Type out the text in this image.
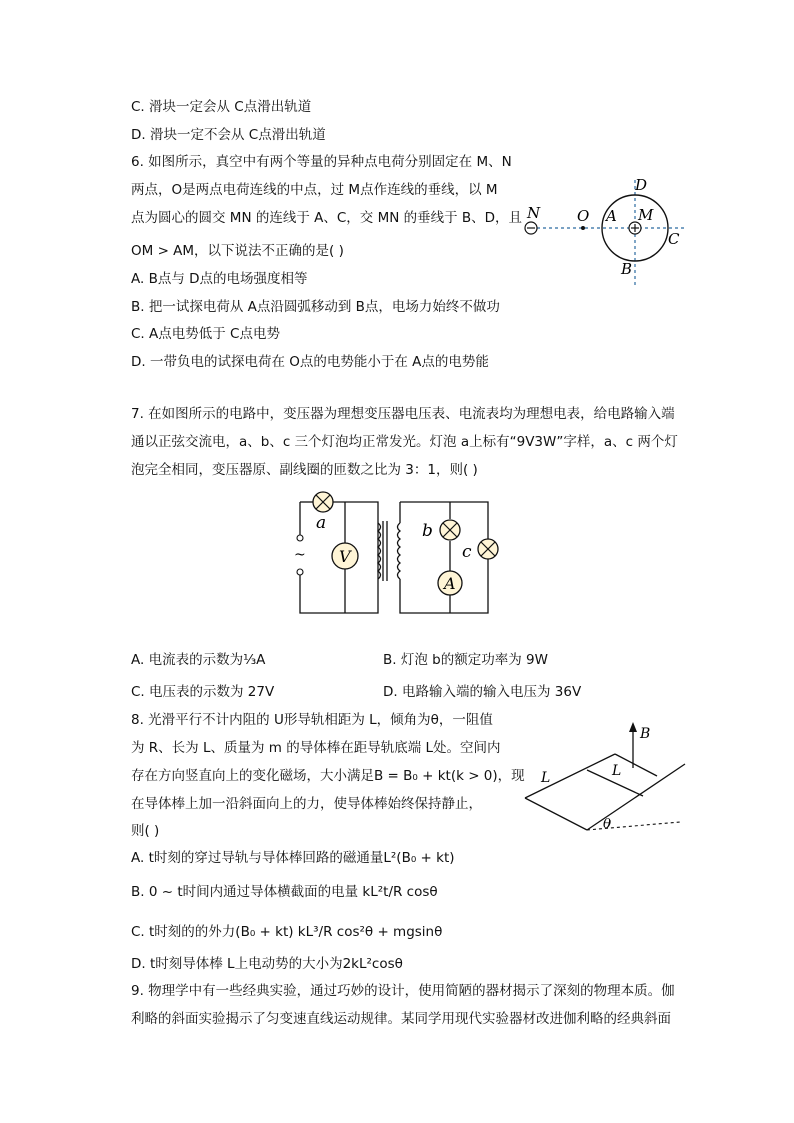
C. 滑块一定会从 C点滑出轨道
D. 滑块一定不会从 C点滑出轨道
6. 如图所示，真空中有两个等量的异种点电荷分别固定在 M、N
两点，O是两点电荷连线的中点，过 M点作连线的垂线，以 M
点为圆心的圆交 MN 的连线于 A、C，交 MN 的垂线于 B、D，且
OM > AM，以下说法不正确的是( )
A. B点与 D点的电场强度相等
B. 把一试探电荷从 A点沿圆弧移动到 B点，电场力始终不做功
C. A点电势低于 C点电势
D. 一带负电的试探电荷在 O点的电势能小于在 A点的电势能
N O A M
C
D
B
7. 在如图所示的电路中，变压器为理想变压器电压表、电流表均为理想电表，给电路输入端
通以正弦交流电，a、b、c 三个灯泡均正常发光。灯泡 a上标有“9V3W”字样，a、c 两个灯
泡完全相同，变压器原、副线圈的匝数之比为 3：1，则( )
~
a
V
b
A
c
A. 电流表的示数为⅓A	B. 灯泡 b的额定功率为 9W
C. 电压表的示数为 27V	D. 电路输入端的输入电压为 36V
8. 光滑平行不计内阻的 U形导轨相距为 L，倾角为θ，一阻值
为 R、长为 L、质量为 m 的导体棒在距导轨底端 L处。空间内
存在方向竖直向上的变化磁场，大小满足B = B₀ + kt(k > 0)，现
在导体棒上加一沿斜面向上的力，使导体棒始终保持静止，
则( )
A. t时刻的穿过导轨与导体棒回路的磁通量L²(B₀ + kt)
B. 0 ~ t时间内通过导体横截面的电量 kL²t/R cosθ
C. t时刻的的外力(B₀ + kt) kL³/R cos²θ + mgsinθ
D. t时刻导体棒 L上电动势的大小为2kL²cosθ
B
L	L
θ
9. 物理学中有一些经典实验，通过巧妙的设计，使用简陋的器材揭示了深刻的物理本质。伽
利略的斜面实验揭示了匀变速直线运动规律。某同学用现代实验器材改进伽利略的经典斜面
